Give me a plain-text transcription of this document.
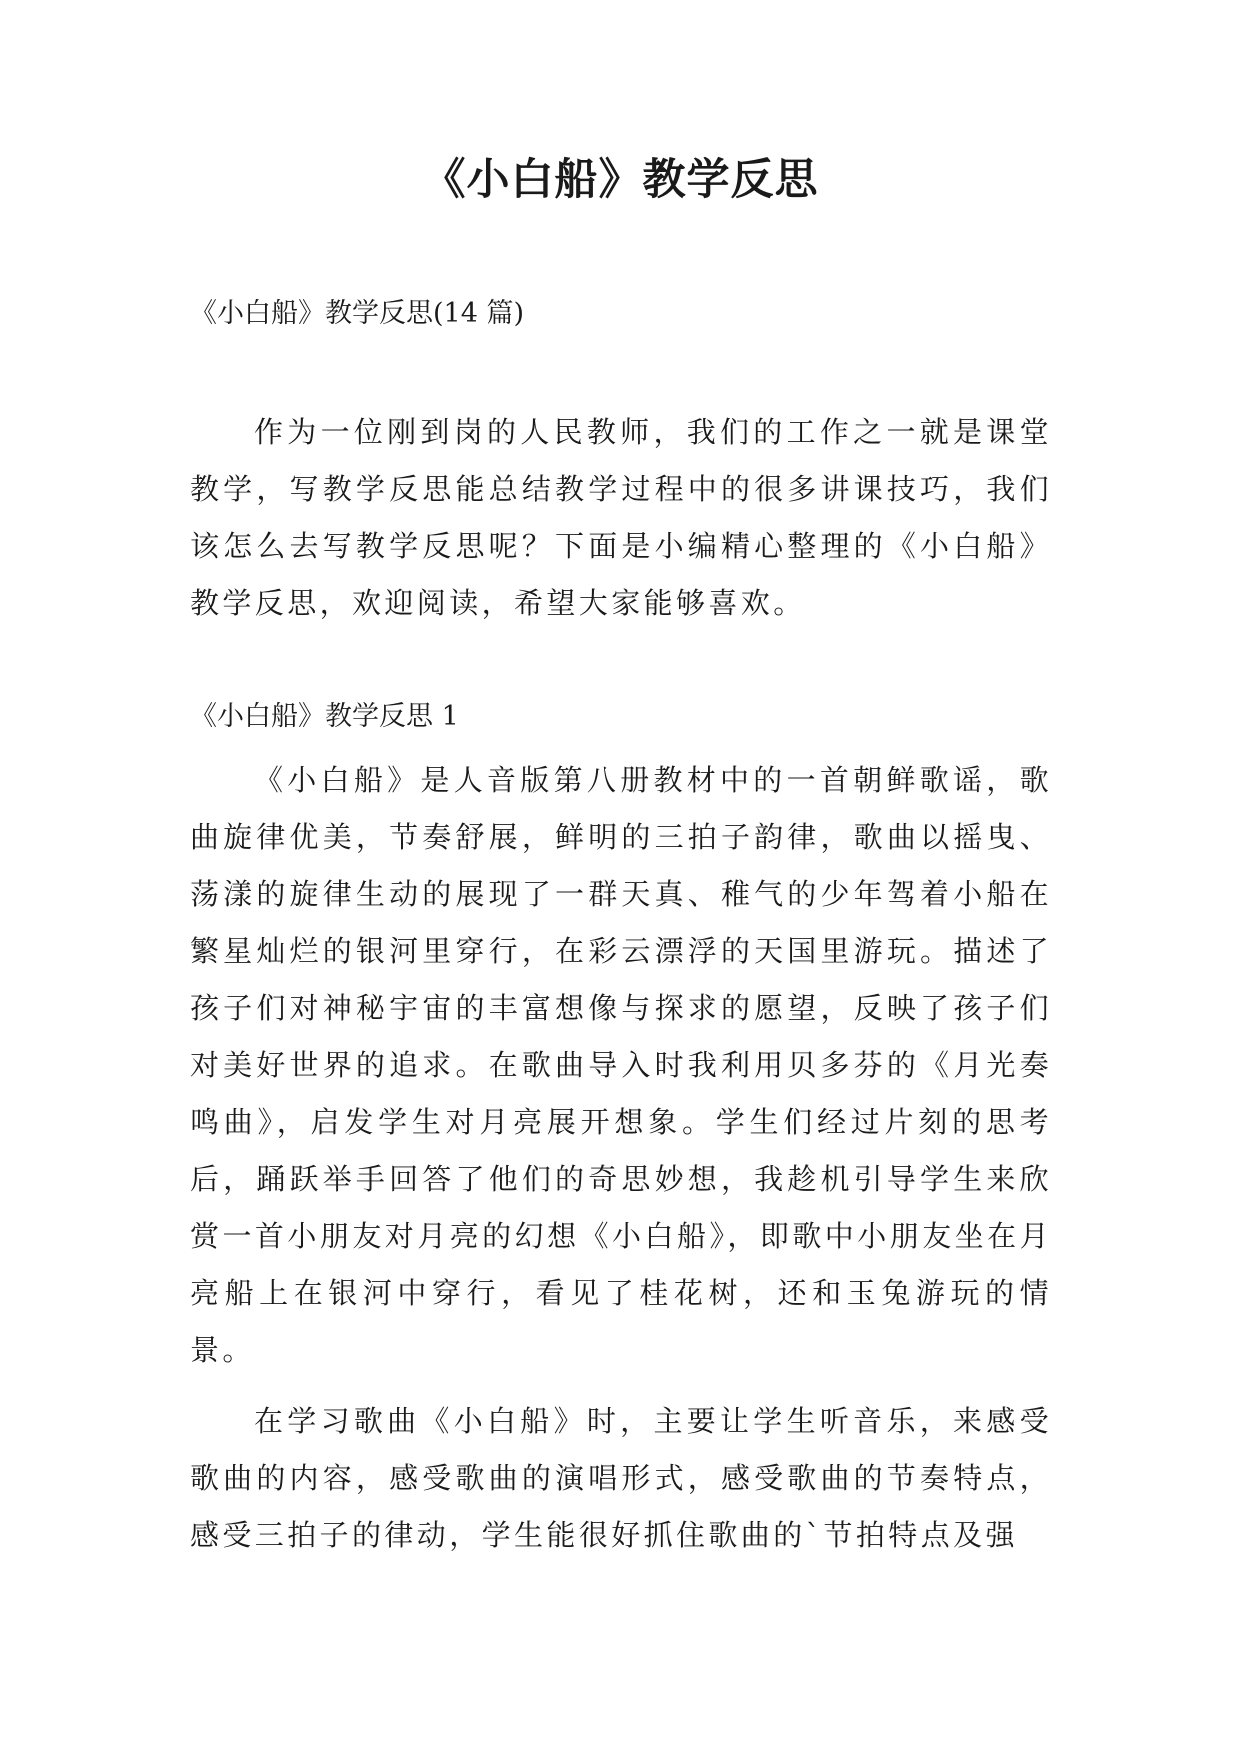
《小白船》教学反思

《小白船》教学反思(14 篇)

作为一位刚到岗的人民教师，我们的工作之一就是课堂教学，写教学反思能总结教学过程中的很多讲课技巧，我们该怎么去写教学反思呢？下面是小编精心整理的《小白船》教学反思，欢迎阅读，希望大家能够喜欢。

《小白船》教学反思 1

《小白船》是人音版第八册教材中的一首朝鲜歌谣，歌曲旋律优美，节奏舒展，鲜明的三拍子韵律，歌曲以摇曳、荡漾的旋律生动的展现了一群天真、稚气的少年驾着小船在繁星灿烂的银河里穿行，在彩云漂浮的天国里游玩。描述了孩子们对神秘宇宙的丰富想像与探求的愿望，反映了孩子们对美好世界的追求。在歌曲导入时我利用贝多芬的《月光奏鸣曲》，启发学生对月亮展开想象。学生们经过片刻的思考后，踊跃举手回答了他们的奇思妙想，我趁机引导学生来欣赏一首小朋友对月亮的幻想《小白船》，即歌中小朋友坐在月亮船上在银河中穿行，看见了桂花树，还和玉兔游玩的情景。

在学习歌曲《小白船》时，主要让学生听音乐，来感受歌曲的内容，感受歌曲的演唱形式，感受歌曲的节奏特点，感受三拍子的律动，学生能很好抓住歌曲的`节拍特点及强
